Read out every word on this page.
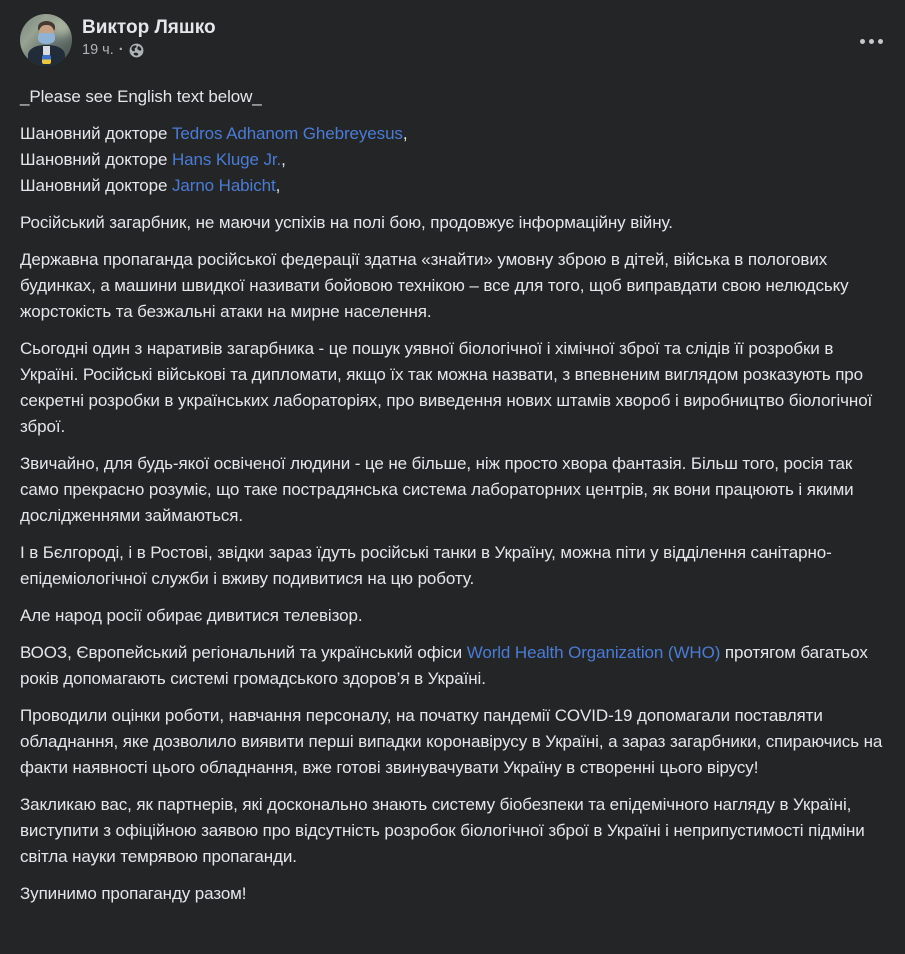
Виктор Ляшко
19 ч. ·

_Please see English text below_

Шановний докторе Tedros Adhanom Ghebreyesus,
Шановний докторе Hans Kluge Jr.,
Шановний докторе Jarno Habicht,

Російський загарбник, не маючи успіхів на полі бою, продовжує інформаційну війну.

Державна пропаганда російської федерації здатна «знайти» умовну зброю в дітей, війська в пологових будинках, а машини швидкої називати бойовою технікою – все для того, щоб виправдати свою нелюдську жорстокість та безжальні атаки на мирне населення.

Сьогодні один з наративів загарбника - це пошук уявної біологічної і хімічної зброї та слідів її розробки в Україні. Російські військові та дипломати, якщо їх так можна назвати, з впевненим виглядом розказують про секретні розробки в українських лабораторіях, про виведення нових штамів хвороб і виробництво біологічної зброї.

Звичайно, для будь-якої освіченої людини - це не більше, ніж просто хвора фантазія. Більш того, росія так само прекрасно розуміє, що таке пострадянська система лабораторних центрів, як вони працюють і якими дослідженнями займаються.

І в Бєлгороді, і в Ростові, звідки зараз їдуть російські танки в Україну, можна піти у відділення санітарно-епідеміологічної служби і вживу подивитися на цю роботу.

Але народ росії обирає дивитися телевізор.

ВООЗ, Європейський регіональний та український офіси World Health Organization (WHO) протягом багатьох років допомагають системі громадського здоров’я в Україні.

Проводили оцінки роботи, навчання персоналу, на початку пандемії COVID-19 допомагали поставляти обладнання, яке дозволило виявити перші випадки коронавірусу в Україні, а зараз загарбники, спираючись на факти наявності цього обладнання, вже готові звинувачувати Україну в створенні цього вірусу!

Закликаю вас, як партнерів, які досконально знають систему біобезпеки та епідемічного нагляду в Україні, виступити з офіційною заявою про відсутність розробок біологічної зброї в Україні і неприпустимості підміни світла науки темрявою пропаганди.

Зупинимо пропаганду разом!
